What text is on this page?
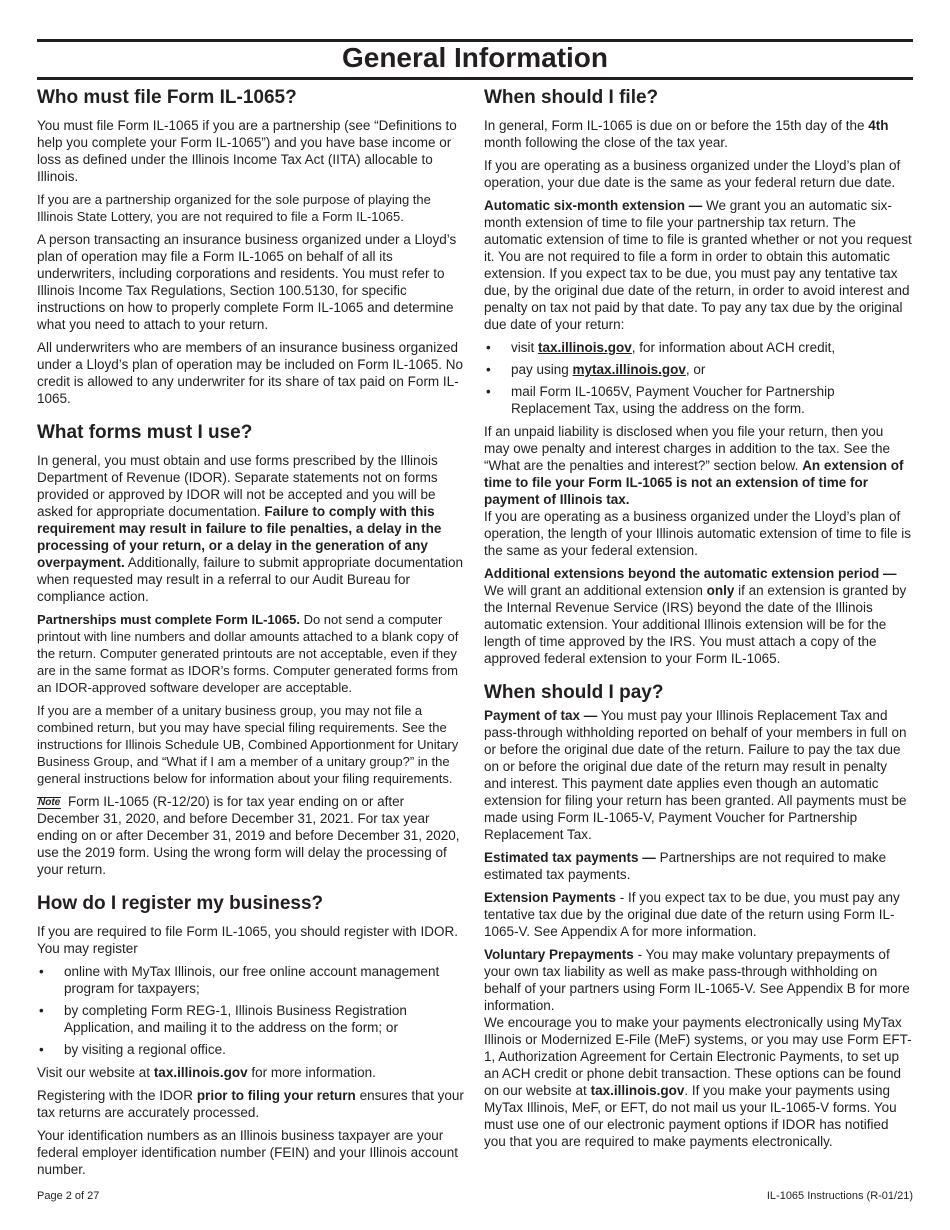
General Information
Who must file Form IL-1065?

You must file Form IL-1065 if you are a partnership (see “Definitions to help you complete your Form IL-1065”) and you have base income or loss as defined under the Illinois Income Tax Act (IITA) allocable to Illinois.

If you are a partnership organized for the sole purpose of playing the Illinois State Lottery, you are not required to file a Form IL-1065.

A person transacting an insurance business organized under a Lloyd’s plan of operation may file a Form IL-1065 on behalf of all its underwriters, including corporations and residents. You must refer to Illinois Income Tax Regulations, Section 100.5130, for specific instructions on how to properly complete Form IL-1065 and determine what you need to attach to your return.

All underwriters who are members of an insurance business organized under a Lloyd’s plan of operation may be included on Form IL-1065. No credit is allowed to any underwriter for its share of tax paid on Form IL-1065.

What forms must I use?

In general, you must obtain and use forms prescribed by the Illinois Department of Revenue (IDOR). Separate statements not on forms provided or approved by IDOR will not be accepted and you will be asked for appropriate documentation. Failure to comply with this requirement may result in failure to file penalties, a delay in the processing of your return, or a delay in the generation of any overpayment. Additionally, failure to submit appropriate documentation when requested may result in a referral to our Audit Bureau for compliance action.

Partnerships must complete Form IL-1065. Do not send a computer printout with line numbers and dollar amounts attached to a blank copy of the return. Computer generated printouts are not acceptable, even if they are in the same format as IDOR’s forms. Computer generated forms from an IDOR-approved software developer are acceptable.

If you are a member of a unitary business group, you may not file a combined return, but you may have special filing requirements. See the instructions for Illinois Schedule UB, Combined Apportionment for Unitary Business Group, and “What if I am a member of a unitary group?” in the general instructions below for information about your filing requirements.

Note Form IL-1065 (R-12/20) is for tax year ending on or after December 31, 2020, and before December 31, 2021. For tax year ending on or after December 31, 2019 and before December 31, 2020, use the 2019 form. Using the wrong form will delay the processing of your return.

How do I register my business?

If you are required to file Form IL-1065, you should register with IDOR. You may register

• online with MyTax Illinois, our free online account management program for taxpayers;
• by completing Form REG-1, Illinois Business Registration Application, and mailing it to the address on the form; or
• by visiting a regional office.

Visit our website at tax.illinois.gov for more information.

Registering with the IDOR prior to filing your return ensures that your tax returns are accurately processed.

Your identification numbers as an Illinois business taxpayer are your federal employer identification number (FEIN) and your Illinois account number.

When should I file?

In general, Form IL-1065 is due on or before the 15th day of the 4th month following the close of the tax year.

If you are operating as a business organized under the Lloyd’s plan of operation, your due date is the same as your federal return due date.

Automatic six-month extension — We grant you an automatic six-month extension of time to file your partnership tax return. The automatic extension of time to file is granted whether or not you request it. You are not required to file a form in order to obtain this automatic extension. If you expect tax to be due, you must pay any tentative tax due, by the original due date of the return, in order to avoid interest and penalty on tax not paid by that date. To pay any tax due by the original due date of your return:

• visit tax.illinois.gov, for information about ACH credit,
• pay using mytax.illinois.gov, or
• mail Form IL-1065V, Payment Voucher for Partnership Replacement Tax, using the address on the form.

If an unpaid liability is disclosed when you file your return, then you may owe penalty and interest charges in addition to the tax. See the “What are the penalties and interest?” section below. An extension of time to file your Form IL-1065 is not an extension of time for payment of Illinois tax.

If you are operating as a business organized under the Lloyd’s plan of operation, the length of your Illinois automatic extension of time to file is the same as your federal extension.

Additional extensions beyond the automatic extension period — We will grant an additional extension only if an extension is granted by the Internal Revenue Service (IRS) beyond the date of the Illinois automatic extension. Your additional Illinois extension will be for the length of time approved by the IRS. You must attach a copy of the approved federal extension to your Form IL-1065.

When should I pay?

Payment of tax — You must pay your Illinois Replacement Tax and pass-through withholding reported on behalf of your members in full on or before the original due date of the return. Failure to pay the tax due on or before the original due date of the return may result in penalty and interest. This payment date applies even though an automatic extension for filing your return has been granted. All payments must be made using Form IL-1065-V, Payment Voucher for Partnership Replacement Tax.

Estimated tax payments — Partnerships are not required to make estimated tax payments.

Extension Payments - If you expect tax to be due, you must pay any tentative tax due by the original due date of the return using Form IL-1065-V. See Appendix A for more information.

Voluntary Prepayments - You may make voluntary prepayments of your own tax liability as well as make pass-through withholding on behalf of your partners using Form IL-1065-V. See Appendix B for more information.

We encourage you to make your payments electronically using MyTax Illinois or Modernized E-File (MeF) systems, or you may use Form EFT-1, Authorization Agreement for Certain Electronic Payments, to set up an ACH credit or phone debit transaction. These options can be found on our website at tax.illinois.gov. If you make your payments using MyTax Illinois, MeF, or EFT, do not mail us your IL-1065-V forms. You must use one of our electronic payment options if IDOR has notified you that you are required to make payments electronically.

Page 2 of 27	IL-1065 Instructions (R-01/21)
